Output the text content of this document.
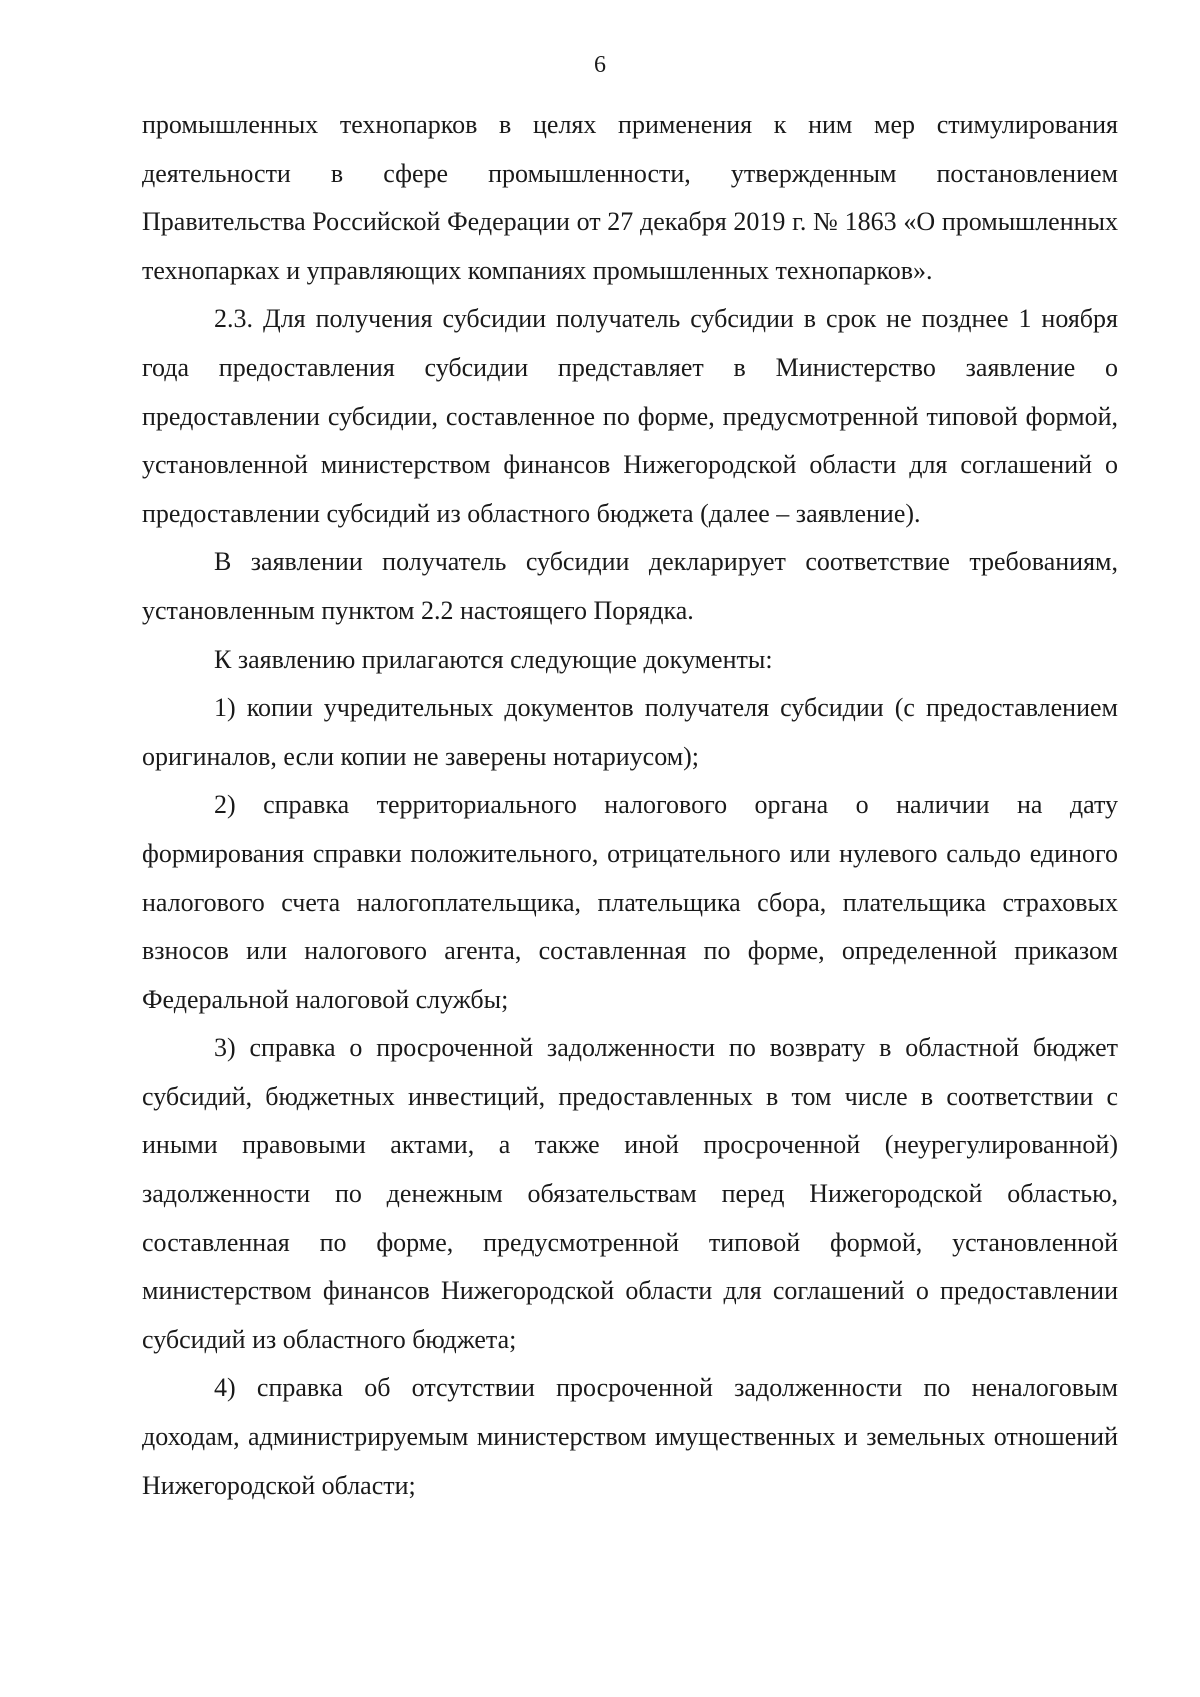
6

промышленных технопарков в целях применения к ним мер стимулирования деятельности в сфере промышленности, утвержденным постановлением Правительства Российской Федерации от 27 декабря 2019 г. № 1863 «О промышленных технопарках и управляющих компаниях промышленных технопарков».

2.3. Для получения субсидии получатель субсидии в срок не позднее 1 ноября года предоставления субсидии представляет в Министерство заявление о предоставлении субсидии, составленное по форме, предусмотренной типовой формой, установленной министерством финансов Нижегородской области для соглашений о предоставлении субсидий из областного бюджета (далее – заявление).

В заявлении получатель субсидии декларирует соответствие требованиям, установленным пунктом 2.2 настоящего Порядка.

К заявлению прилагаются следующие документы:

1) копии учредительных документов получателя субсидии (с предоставлением оригиналов, если копии не заверены нотариусом);

2) справка территориального налогового органа о наличии на дату формирования справки положительного, отрицательного или нулевого сальдо единого налогового счета налогоплательщика, плательщика сбора, плательщика страховых взносов или налогового агента, составленная по форме, определенной приказом Федеральной налоговой службы;

3) справка о просроченной задолженности по возврату в областной бюджет субсидий, бюджетных инвестиций, предоставленных в том числе в соответствии с иными правовыми актами, а также иной просроченной (неурегулированной) задолженности по денежным обязательствам перед Нижегородской областью, составленная по форме, предусмотренной типовой формой, установленной министерством финансов Нижегородской области для соглашений о предоставлении субсидий из областного бюджета;

4) справка об отсутствии просроченной задолженности по неналоговым доходам, администрируемым министерством имущественных и земельных отношений Нижегородской области;
